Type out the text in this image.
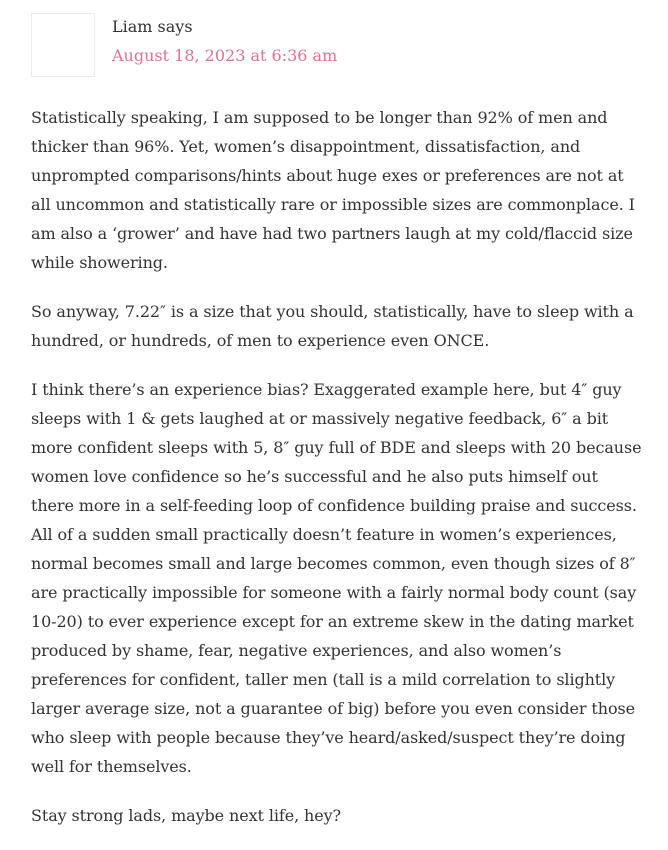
Liam says
August 18, 2023 at 6:36 am

Statistically speaking, I am supposed to be longer than 92% of men and thicker than 96%. Yet, women’s disappointment, dissatisfaction, and unprompted comparisons/hints about huge exes or preferences are not at all uncommon and statistically rare or impossible sizes are commonplace. I am also a ‘grower’ and have had two partners laugh at my cold/flaccid size while showering.

So anyway, 7.22″ is a size that you should, statistically, have to sleep with a hundred, or hundreds, of men to experience even ONCE.

I think there’s an experience bias? Exaggerated example here, but 4″ guy sleeps with 1 & gets laughed at or massively negative feedback, 6″ a bit more confident sleeps with 5, 8″ guy full of BDE and sleeps with 20 because women love confidence so he’s successful and he also puts himself out there more in a self-feeding loop of confidence building praise and success. All of a sudden small practically doesn’t feature in women’s experiences, normal becomes small and large becomes common, even though sizes of 8″ are practically impossible for someone with a fairly normal body count (say 10-20) to ever experience except for an extreme skew in the dating market produced by shame, fear, negative experiences, and also women’s preferences for confident, taller men (tall is a mild correlation to slightly larger average size, not a guarantee of big) before you even consider those who sleep with people because they’ve heard/asked/suspect they’re doing well for themselves.

Stay strong lads, maybe next life, hey?
